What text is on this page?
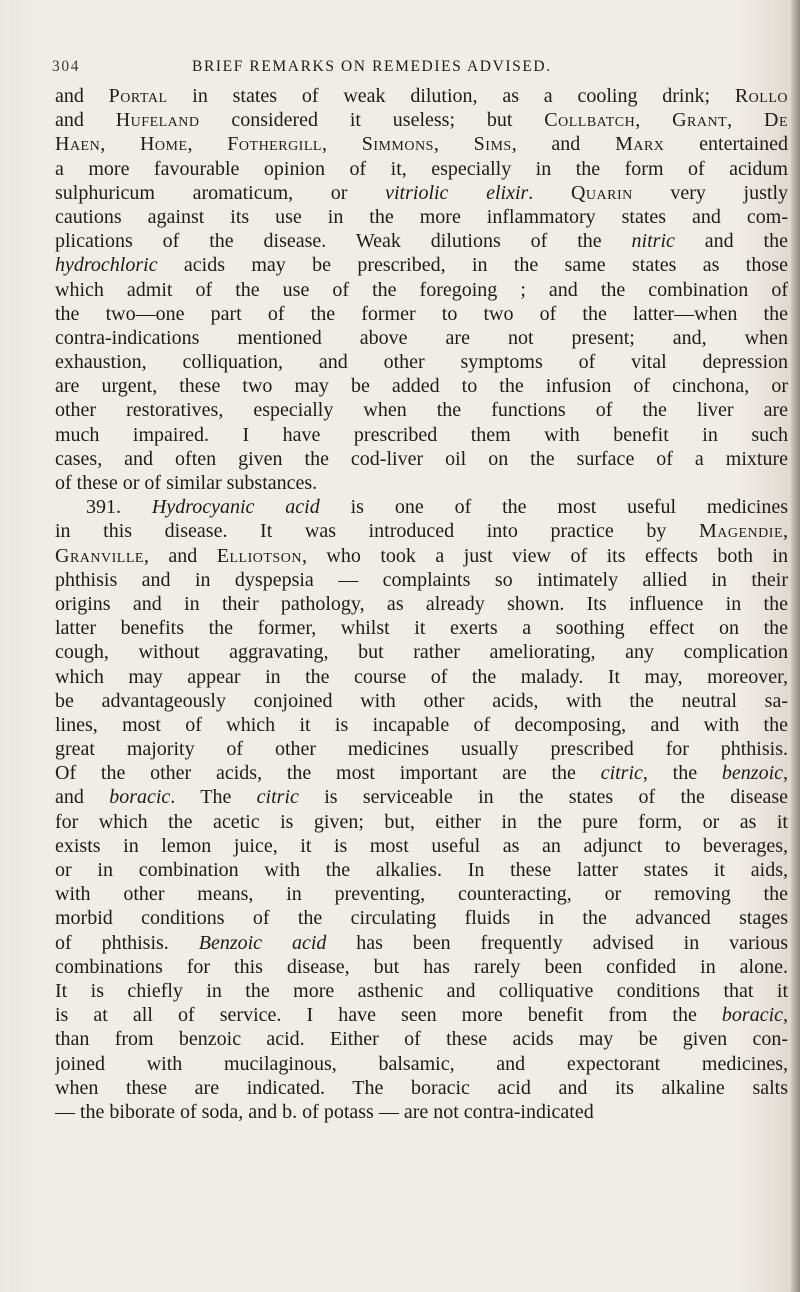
304	BRIEF REMARKS ON REMEDIES ADVISED.
and Portal in states of weak dilution, as a cooling drink; Rollo
and Hufeland considered it useless; but Collbatch, Grant, De
Haen, Home, Fothergill, Simmons, Sims, and Marx entertained
a more favourable opinion of it, especially in the form of acidum
sulphuricum aromaticum, or vitriolic elixir. Quarin very justly
cautions against its use in the more inflammatory states and com-
plications of the disease. Weak dilutions of the nitric and the
hydrochloric acids may be prescribed, in the same states as those
which admit of the use of the foregoing ; and the combination of
the two—one part of the former to two of the latter—when the
contra-indications mentioned above are not present; and, when
exhaustion, colliquation, and other symptoms of vital depression
are urgent, these two may be added to the infusion of cinchona, or
other restoratives, especially when the functions of the liver are
much impaired. I have prescribed them with benefit in such
cases, and often given the cod-liver oil on the surface of a mixture
of these or of similar substances.
391. Hydrocyanic acid is one of the most useful medicines
in this disease. It was introduced into practice by Magendie,
Granville, and Elliotson, who took a just view of its effects both in
phthisis and in dyspepsia — complaints so intimately allied in their
origins and in their pathology, as already shown. Its influence in the
latter benefits the former, whilst it exerts a soothing effect on the
cough, without aggravating, but rather ameliorating, any complication
which may appear in the course of the malady. It may, moreover,
be advantageously conjoined with other acids, with the neutral sa-
lines, most of which it is incapable of decomposing, and with the
great majority of other medicines usually prescribed for phthisis.
Of the other acids, the most important are the citric, the benzoic,
and boracic. The citric is serviceable in the states of the disease
for which the acetic is given; but, either in the pure form, or as it
exists in lemon juice, it is most useful as an adjunct to beverages,
or in combination with the alkalies. In these latter states it aids,
with other means, in preventing, counteracting, or removing the
morbid conditions of the circulating fluids in the advanced stages
of phthisis. Benzoic acid has been frequently advised in various
combinations for this disease, but has rarely been confided in alone.
It is chiefly in the more asthenic and colliquative conditions that it
is at all of service. I have seen more benefit from the boracic,
than from benzoic acid. Either of these acids may be given con-
joined with mucilaginous, balsamic, and expectorant medicines,
when these are indicated. The boracic acid and its alkaline salts
— the biborate of soda, and b. of potass — are not contra-indicated
